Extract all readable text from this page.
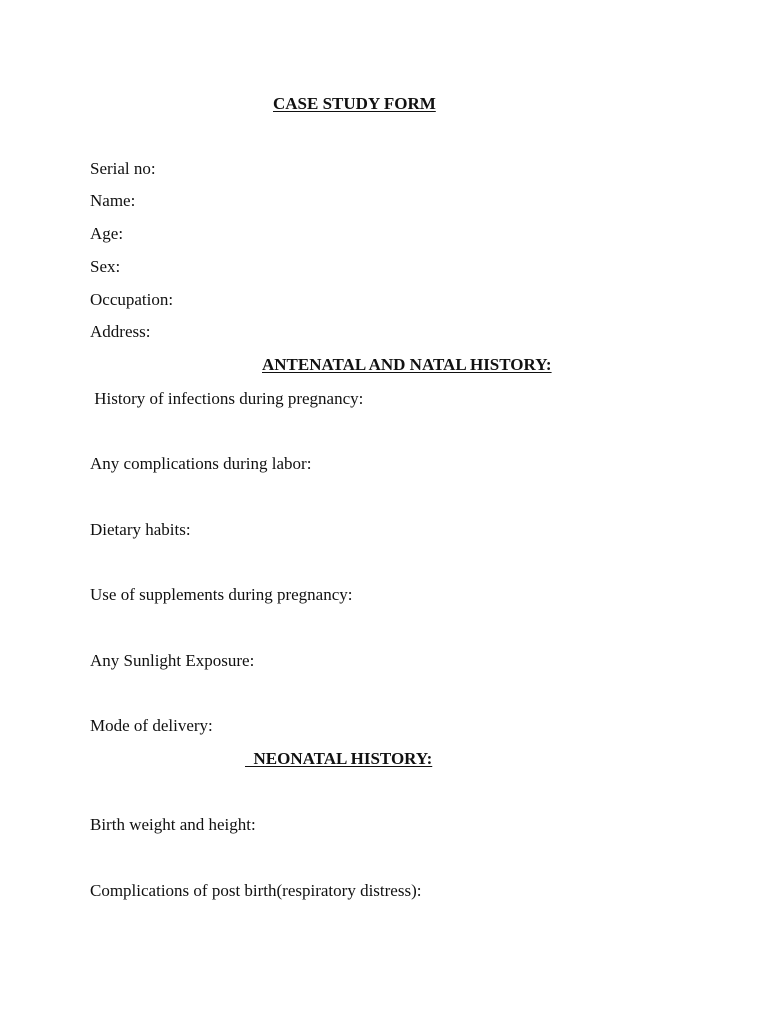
CASE STUDY FORM
Serial no:
Name:
Age:
Sex:
Occupation:
Address:
ANTENATAL AND NATAL HISTORY:
History of infections during pregnancy:
Any complications during labor:
Dietary habits:
Use of supplements during pregnancy:
Any Sunlight Exposure:
Mode of delivery:
NEONATAL HISTORY:
Birth weight and height:
Complications of post birth(respiratory distress):
